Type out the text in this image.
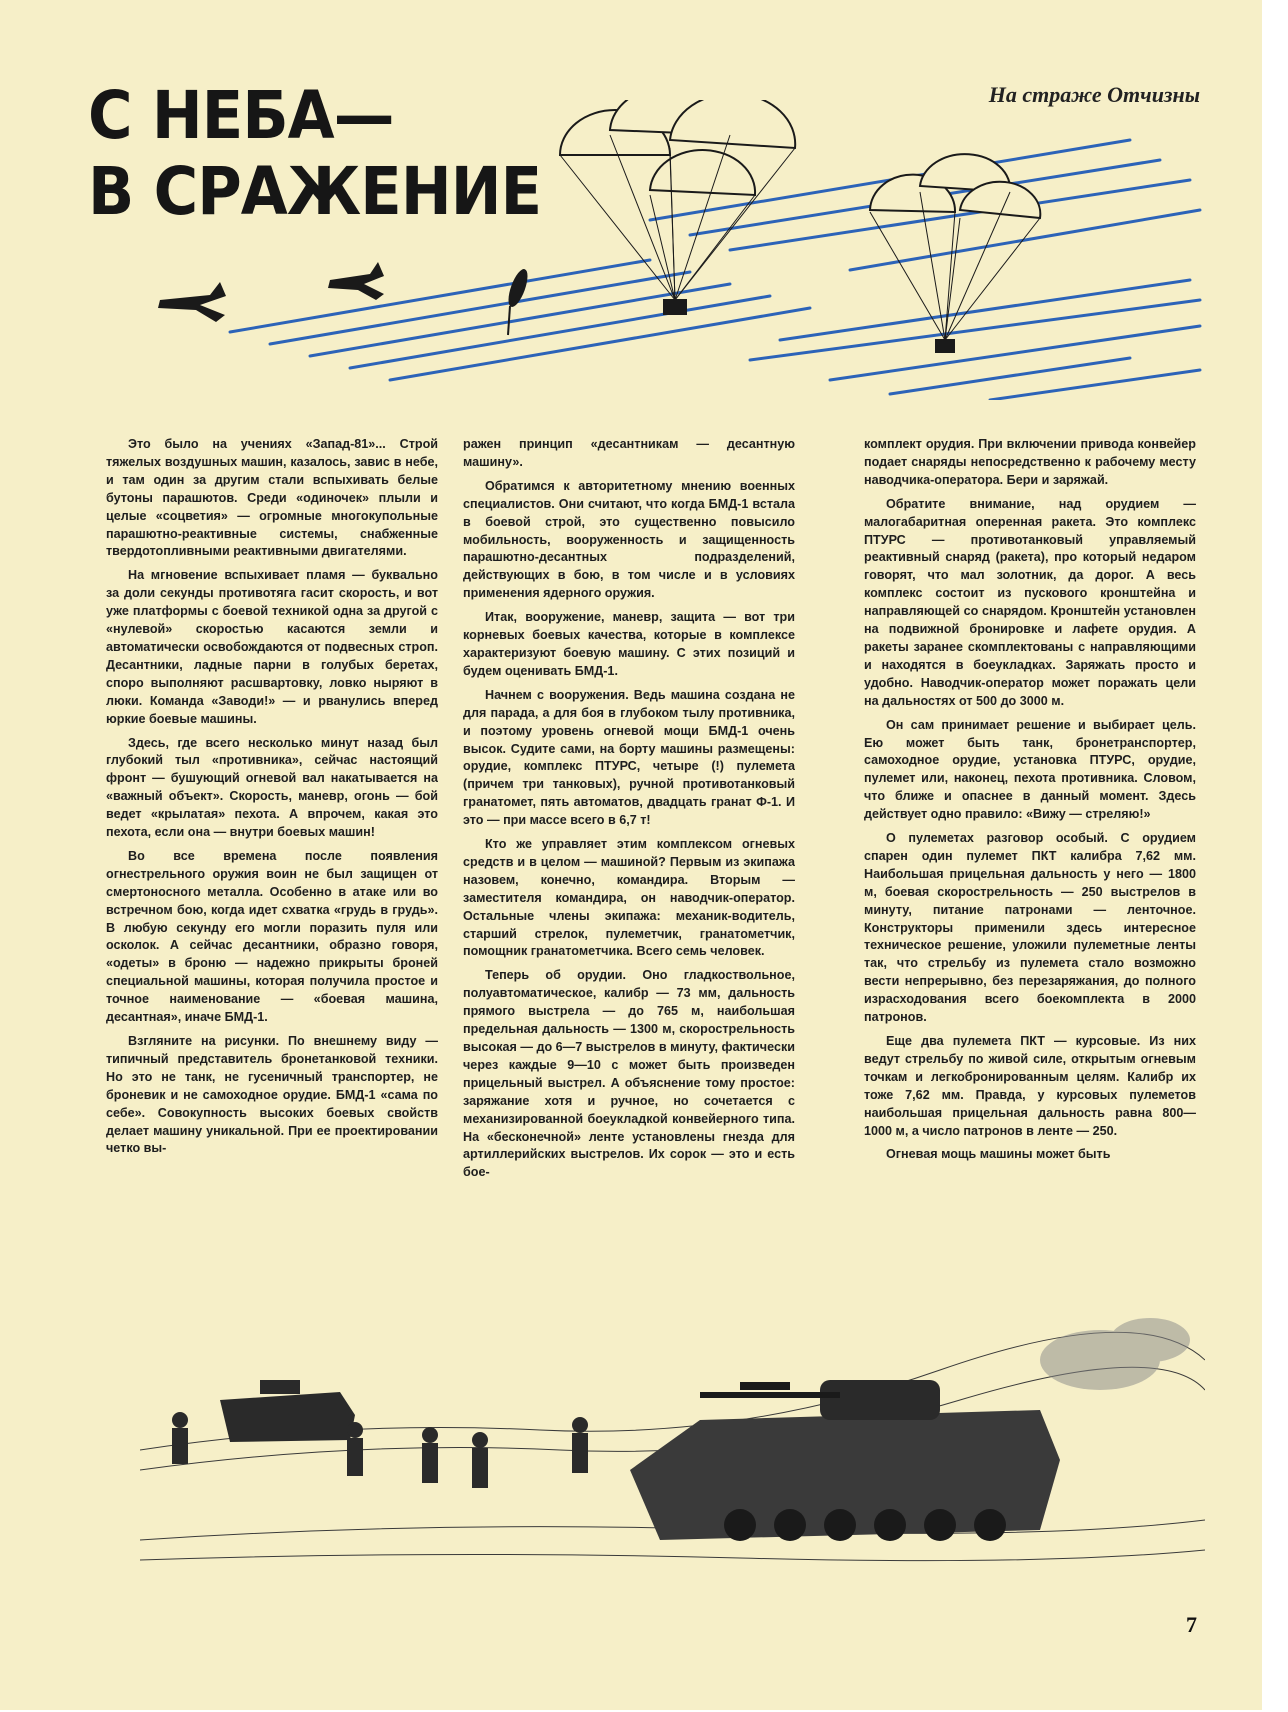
На страже Отчизны
С НЕБА—
В СРАЖЕНИЕ

Это было на учениях «Запад-81»... Строй тяжелых воздушных машин, казалось, завис в небе, и там один за другим стали вспыхивать белые бутоны парашютов. Среди «одиночек» плыли и целые «соцветия» — огромные многокупольные парашютно-реактивные системы, снабженные твердотопливными реактивными двигателями.

На мгновение вспыхивает пламя — буквально за доли секунды противотяга гасит скорость, и вот уже платформы с боевой техникой одна за другой с «нулевой» скоростью касаются земли и автоматически освобождаются от подвесных строп. Десантники, ладные парни в голубых беретах, споро выполняют расшвартовку, ловко ныряют в люки. Команда «Заводи!» — и рванулись вперед юркие боевые машины.

Здесь, где всего несколько минут назад был глубокий тыл «противника», сейчас настоящий фронт — бушующий огневой вал накатывается на «важный объект». Скорость, маневр, огонь — бой ведет «крылатая» пехота. А впрочем, какая это пехота, если она — внутри боевых машин!

Во все времена после появления огнестрельного оружия воин не был защищен от смертоносного металла. Особенно в атаке или во встречном бою, когда идет схватка «грудь в грудь». В любую секунду его могли поразить пуля или осколок. А сейчас десантники, образно говоря, «одеты» в броню — надежно прикрыты броней специальной машины, которая получила простое и точное наименование — «боевая машина, десантная», иначе БМД-1.

Взгляните на рисунки. По внешнему виду — типичный представитель бронетанковой техники. Но это не танк, не гусеничный транспортер, не броневик и не самоходное орудие. БМД-1 «сама по себе». Совокупность высоких боевых свойств делает машину уникальной. При ее проектировании четко вы-

ражен принцип «десантникам — десантную машину».

Обратимся к авторитетному мнению военных специалистов. Они считают, что когда БМД-1 встала в боевой строй, это существенно повысило мобильность, вооруженность и защищенность парашютно-десантных подразделений, действующих в бою, в том числе и в условиях применения ядерного оружия.

Итак, вооружение, маневр, защита — вот три корневых боевых качества, которые в комплексе характеризуют боевую машину. С этих позиций и будем оценивать БМД-1.

Начнем с вооружения. Ведь машина создана не для парада, а для боя в глубоком тылу противника, и поэтому уровень огневой мощи БМД-1 очень высок. Судите сами, на борту машины размещены: орудие, комплекс ПТУРС, четыре (!) пулемета (причем три танковых), ручной противотанковый гранатомет, пять автоматов, двадцать гранат Ф-1. И это — при массе всего в 6,7 т!

Кто же управляет этим комплексом огневых средств и в целом — машиной? Первым из экипажа назовем, конечно, командира. Вторым — заместителя командира, он наводчик-оператор. Остальные члены экипажа: механик-водитель, старший стрелок, пулеметчик, гранатометчик, помощник гранатометчика. Всего семь человек.

Теперь об орудии. Оно гладкоствольное, полуавтоматическое, калибр — 73 мм, дальность прямого выстрела — до 765 м, наибольшая предельная дальность — 1300 м, скорострельность высокая — до 6—7 выстрелов в минуту, фактически через каждые 9—10 с может быть произведен прицельный выстрел. А объяснение тому простое: заряжание хотя и ручное, но сочетается с механизированной боеукладкой конвейерного типа. На «бесконечной» ленте установлены гнезда для артиллерийских выстрелов. Их сорок — это и есть бое-

комплект орудия. При включении привода конвейер подает снаряды непосредственно к рабочему месту наводчика-оператора. Бери и заряжай.

Обратите внимание, над орудием — малогабаритная оперенная ракета. Это комплекс ПТУРС — противотанковый управляемый реактивный снаряд (ракета), про который недаром говорят, что мал золотник, да дорог. А весь комплекс состоит из пускового кронштейна и направляющей со снарядом. Кронштейн установлен на подвижной бронировке и лафете орудия. А ракеты заранее скомплектованы с направляющими и находятся в боеукладках. Заряжать просто и удобно. Наводчик-оператор может поражать цели на дальностях от 500 до 3000 м.

Он сам принимает решение и выбирает цель. Ею может быть танк, бронетранспортер, самоходное орудие, установка ПТУРС, орудие, пулемет или, наконец, пехота противника. Словом, что ближе и опаснее в данный момент. Здесь действует одно правило: «Вижу — стреляю!»

О пулеметах разговор особый. С орудием спарен один пулемет ПКТ калибра 7,62 мм. Наибольшая прицельная дальность у него — 1800 м, боевая скорострельность — 250 выстрелов в минуту, питание патронами — ленточное. Конструкторы применили здесь интересное техническое решение, уложили пулеметные ленты так, что стрельбу из пулемета стало возможно вести непрерывно, без перезаряжания, до полного израсходования всего боекомплекта в 2000 патронов.

Еще два пулемета ПКТ — курсовые. Из них ведут стрельбу по живой силе, открытым огневым точкам и легкобронированным целям. Калибр их тоже 7,62 мм. Правда, у курсовых пулеметов наибольшая прицельная дальность равна 800—1000 м, а число патронов в ленте — 250.

Огневая мощь машины может быть

7
